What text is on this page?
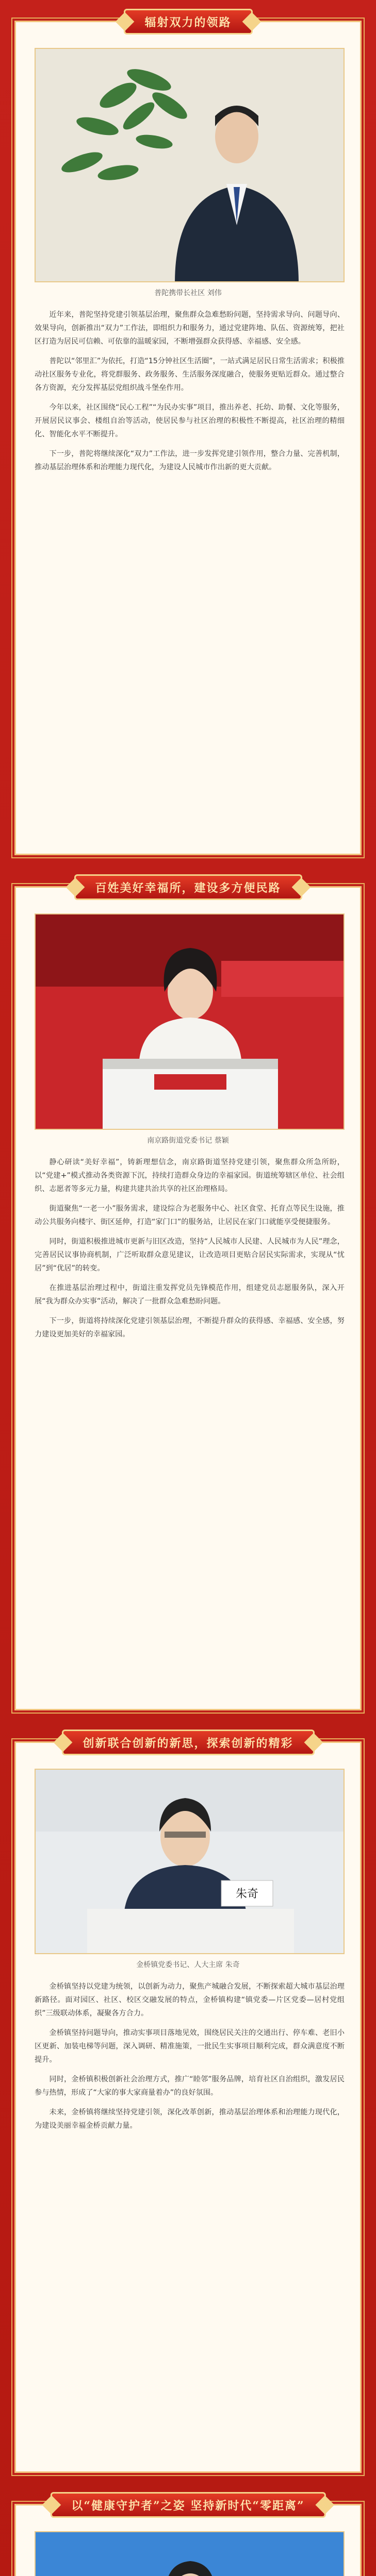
辐射双力的领路
普陀携带长社区 刘伟

近年来，普陀坚持党建引领基层治理，聚焦群众急难愁盼问题，坚持需求导向、问题导向、效果导向，创新推出“双力”工作法，即组织力和服务力，通过党建阵地、队伍、资源统筹，把社区打造为居民可信赖、可依靠的温暖家园，不断增强群众获得感、幸福感、安全感。

普陀以“邻里汇”为依托，打造“15分钟社区生活圈”，一站式满足居民日常生活需求；积极推动社区服务专业化，将党群服务、政务服务、生活服务深度融合，使服务更贴近群众。通过整合各方资源，充分发挥基层党组织战斗堡垒作用。

今年以来，社区围绕“民心工程”“为民办实事”项目，推出养老、托幼、助餐、文化等服务，开展居民议事会、楼组自治等活动，使居民参与社区治理的积极性不断提高，社区治理的精细化、智能化水平不断提升。

下一步，普陀将继续深化“双力”工作法，进一步发挥党建引领作用，整合力量、完善机制，推动基层治理体系和治理能力现代化，为建设人民城市作出新的更大贡献。

百姓美好幸福所，建设多方便民路
南京路街道党委书记 蔡颖

静心研读“美好幸福”，铸新理想信念，南京路街道坚持党建引领，聚焦群众所急所盼，以“党建+”模式推动各类资源下沉，持续打造群众身边的幸福家园。街道统筹辖区单位、社会组织、志愿者等多元力量，构建共建共治共享的社区治理格局。

街道聚焦“一老一小”服务需求，建设综合为老服务中心、社区食堂、托育点等民生设施，推动公共服务向楼宇、街区延伸，打造“家门口”的服务站，让居民在家门口就能享受便捷服务。

同时，街道积极推进城市更新与旧区改造，坚持“人民城市人民建、人民城市为人民”理念，完善居民议事协商机制，广泛听取群众意见建议，让改造项目更贴合居民实际需求，实现从“忧居”到“优居”的转变。

在推进基层治理过程中，街道注重发挥党员先锋模范作用，组建党员志愿服务队，深入开展“我为群众办实事”活动，解决了一批群众急难愁盼问题。

下一步，街道将持续深化党建引领基层治理，不断提升群众的获得感、幸福感、安全感，努力建设更加美好的幸福家园。

创新联合创新的新思，探索创新的精彩
朱奇
金桥镇党委书记、人大主席 朱奇

金桥镇坚持以党建为统领，以创新为动力，聚焦产城融合发展，不断探索超大城市基层治理新路径。面对园区、社区、校区交融发展的特点，金桥镇构建“镇党委—片区党委—居村党组织”三级联动体系，凝聚各方合力。

金桥镇坚持问题导向，推动实事项目落地见效，围绕居民关注的交通出行、停车难、老旧小区更新、加装电梯等问题，深入调研、精准施策，一批民生实事项目顺利完成，群众满意度不断提升。

同时，金桥镇积极创新社会治理方式，推广“睦邻”服务品牌，培育社区自治组织，激发居民参与热情，形成了“大家的事大家商量着办”的良好氛围。

未来，金桥镇将继续坚持党建引领，深化改革创新，推动基层治理体系和治理能力现代化，为建设美丽幸福金桥贡献力量。

以“健康守护者”之姿 坚持新时代“零距离”
